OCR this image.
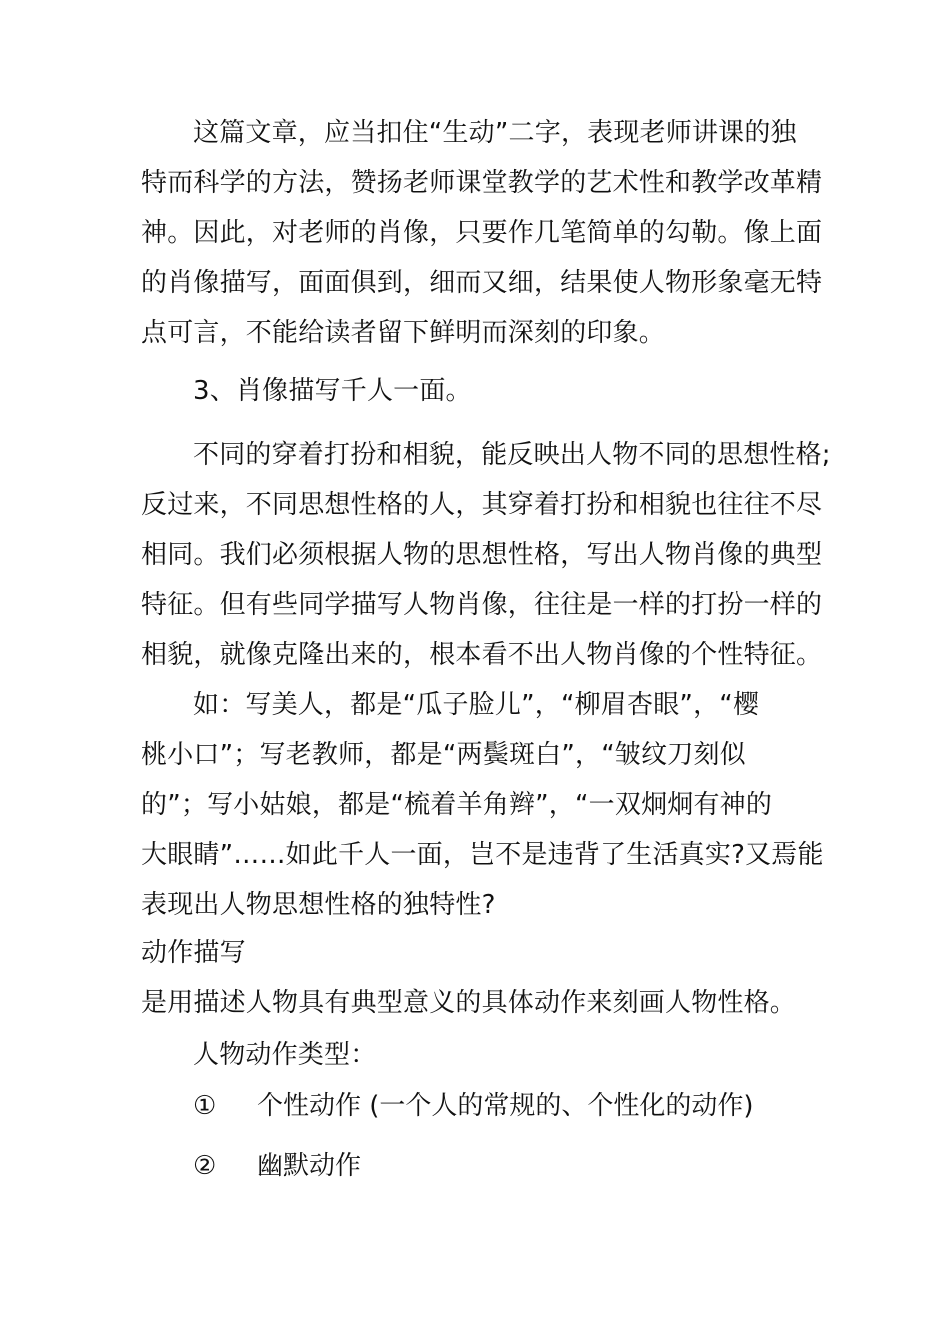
这篇文章，应当扣住“生动”二字，表现老师讲课的独
特而科学的方法，赞扬老师课堂教学的艺术性和教学改革精
神。因此，对老师的肖像，只要作几笔简单的勾勒。像上面
的肖像描写，面面俱到，细而又细，结果使人物形象毫无特
点可言，不能给读者留下鲜明而深刻的印象。
3、肖像描写千人一面。
不同的穿着打扮和相貌，能反映出人物不同的思想性格;
反过来，不同思想性格的人，其穿着打扮和相貌也往往不尽
相同。我们必须根据人物的思想性格，写出人物肖像的典型
特征。但有些同学描写人物肖像，往往是一样的打扮一样的
相貌，就像克隆出来的，根本看不出人物肖像的个性特征。
如：写美人，都是“瓜子脸儿”，“柳眉杏眼”，“樱
桃小口”；写老教师，都是“两鬓斑白”，“皱纹刀刻似
的”；写小姑娘，都是“梳着羊角辫”，“一双炯炯有神的
大眼睛”……如此千人一面，岂不是违背了生活真实?又焉能
表现出人物思想性格的独特性?
动作描写
是用描述人物具有典型意义的具体动作来刻画人物性格。
人物动作类型：
① 个性动作 (一个人的常规的、个性化的动作)
② 幽默动作
